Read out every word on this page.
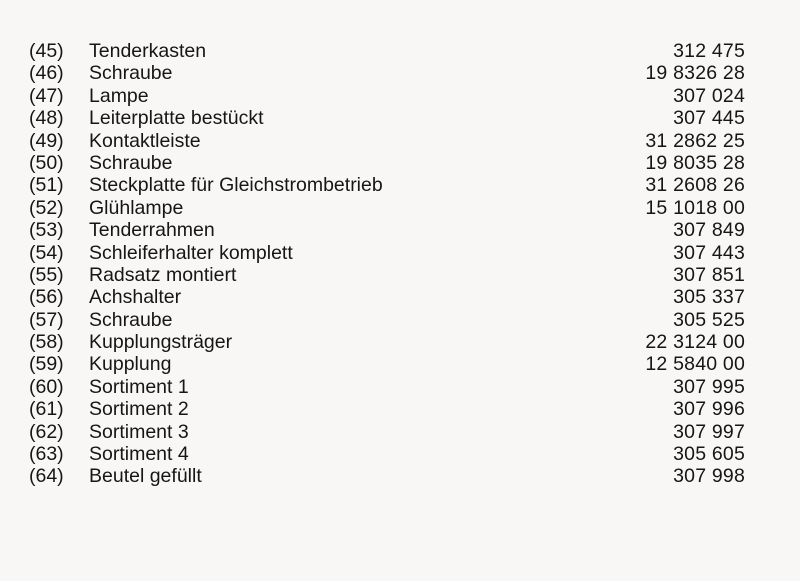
(45) Tenderkasten	312 475
(46) Schraube	19 8326 28
(47) Lampe	307 024
(48) Leiterplatte bestückt	307 445
(49) Kontaktleiste	31 2862 25
(50) Schraube	19 8035 28
(51) Steckplatte für Gleichstrombetrieb	31 2608 26
(52) Glühlampe	15 1018 00
(53) Tenderrahmen	307 849
(54) Schleiferhalter komplett	307 443
(55) Radsatz montiert	307 851
(56) Achshalter	305 337
(57) Schraube	305 525
(58) Kupplungsträger	22 3124 00
(59) Kupplung	12 5840 00
(60) Sortiment 1	307 995
(61) Sortiment 2	307 996
(62) Sortiment 3	307 997
(63) Sortiment 4	305 605
(64) Beutel gefüllt	307 998
